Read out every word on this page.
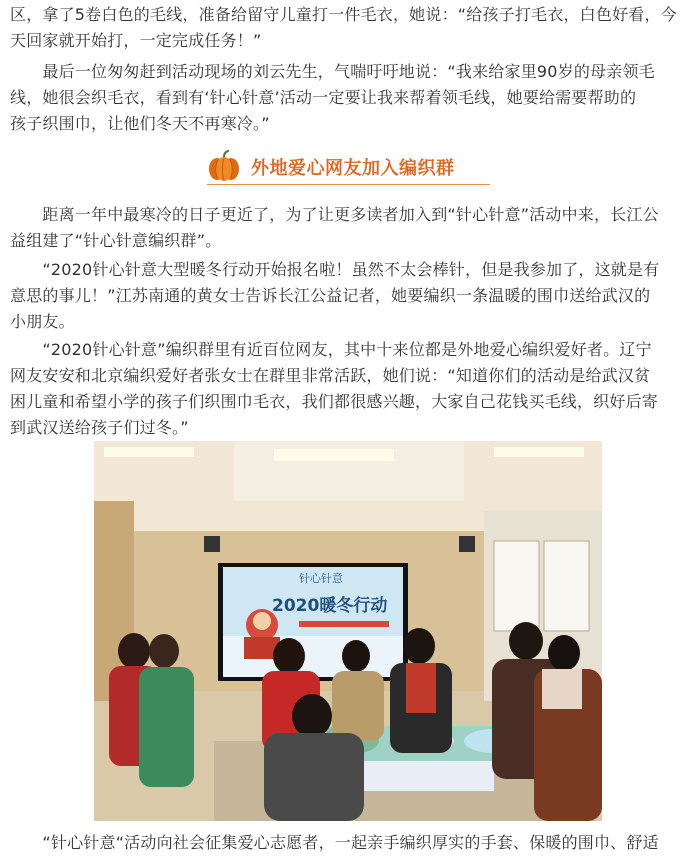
区，拿了5卷白色的毛线，准备给留守儿童打一件毛衣，她说：“给孩子打毛衣，白色好看，今
天回家就开始打，一定完成任务！”
　　最后一位匆匆赶到活动现场的刘云先生，气喘吁吁地说：“我来给家里90岁的母亲领毛
线，她很会织毛衣，看到有‘针心针意’活动一定要让我来帮着领毛线，她要给需要帮助的
孩子织围巾，让他们冬天不再寒冷。”
外地爱心网友加入编织群
　　距离一年中最寒冷的日子更近了，为了让更多读者加入到“针心针意”活动中来，长江公
益组建了“针心针意编织群”。
　　“2020针心针意大型暖冬行动开始报名啦！虽然不太会棒针，但是我参加了，这就是有
意思的事儿！”江苏南通的黄女士告诉长江公益记者，她要编织一条温暖的围巾送给武汉的
小朋友。
　　“2020针心针意”编织群里有近百位网友，其中十来位都是外地爱心编织爱好者。辽宁
网友安安和北京编织爱好者张女士在群里非常活跃，她们说：“知道你们的活动是给武汉贫
困儿童和希望小学的孩子们织围巾毛衣，我们都很感兴趣，大家自己花钱买毛线，织好后寄
到武汉送给孩子们过冬。”
针心针意
2020暖冬行动
　　“针心针意“活动向社会征集爱心志愿者，一起亲手编织厚实的手套、保暖的围巾、舒适
